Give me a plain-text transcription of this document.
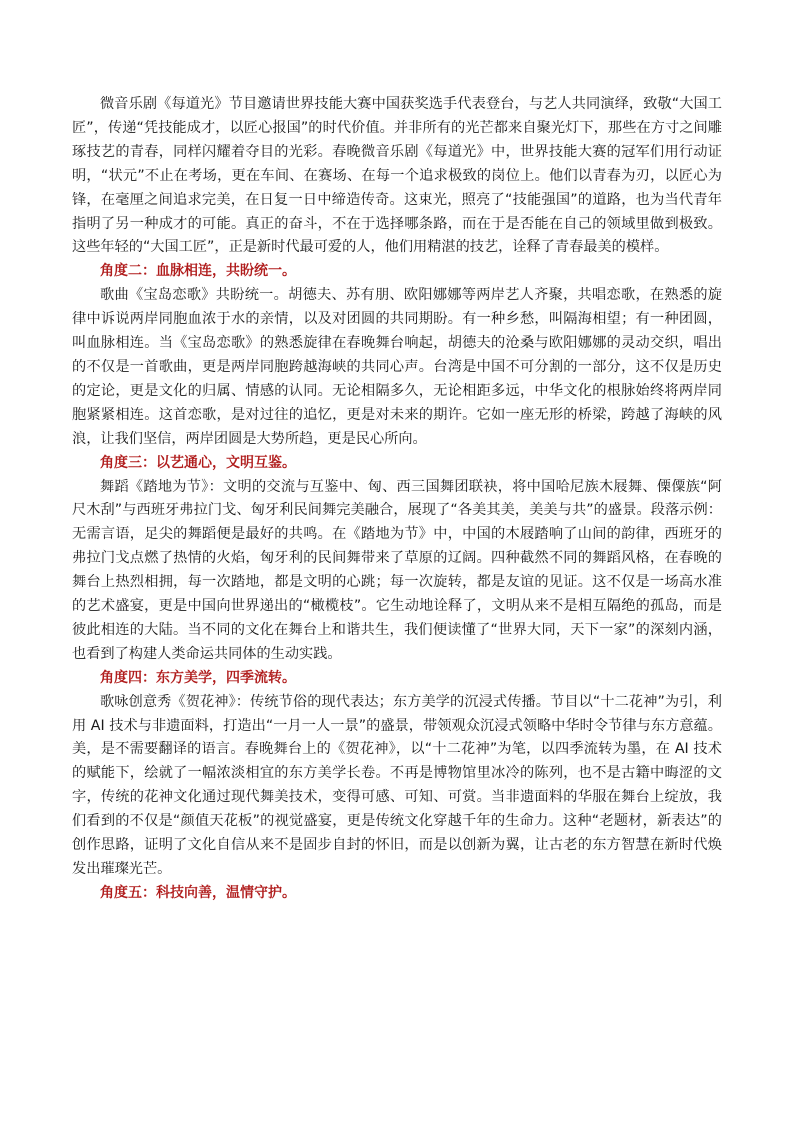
微音乐剧《每道光》节目邀请世界技能大赛中国获奖选手代表登台，与艺人共同演绎，致敬“大国工匠”，传递“凭技能成才，以匠心报国”的时代价值。并非所有的光芒都来自聚光灯下，那些在方寸之间雕琢技艺的青春，同样闪耀着夺目的光彩。春晚微音乐剧《每道光》中，世界技能大赛的冠军们用行动证明，“状元”不止在考场，更在车间、在赛场、在每一个追求极致的岗位上。他们以青春为刃，以匠心为锋，在毫厘之间追求完美，在日复一日中缔造传奇。这束光，照亮了“技能强国”的道路，也为当代青年指明了另一种成才的可能。真正的奋斗，不在于选择哪条路，而在于是否能在自己的领域里做到极致。这些年轻的“大国工匠”，正是新时代最可爱的人，他们用精湛的技艺，诠释了青春最美的模样。

角度二：血脉相连，共盼统一。

歌曲《宝岛恋歌》共盼统一。胡德夫、苏有朋、欧阳娜娜等两岸艺人齐聚，共唱恋歌，在熟悉的旋律中诉说两岸同胞血浓于水的亲情，以及对团圆的共同期盼。有一种乡愁，叫隔海相望；有一种团圆，叫血脉相连。当《宝岛恋歌》的熟悉旋律在春晚舞台响起，胡德夫的沧桑与欧阳娜娜的灵动交织，唱出的不仅是一首歌曲，更是两岸同胞跨越海峡的共同心声。台湾是中国不可分割的一部分，这不仅是历史的定论，更是文化的归属、情感的认同。无论相隔多久，无论相距多远，中华文化的根脉始终将两岸同胞紧紧相连。这首恋歌，是对过往的追忆，更是对未来的期许。它如一座无形的桥梁，跨越了海峡的风浪，让我们坚信，两岸团圆是大势所趋，更是民心所向。

角度三：以艺通心，文明互鉴。

舞蹈《踏地为节》：文明的交流与互鉴中、匈、西三国舞团联袂，将中国哈尼族木屐舞、傈僳族“阿尺木刮”与西班牙弗拉门戈、匈牙利民间舞完美融合，展现了“各美其美，美美与共”的盛景。段落示例：无需言语，足尖的舞蹈便是最好的共鸣。在《踏地为节》中，中国的木屐踏响了山间的韵律，西班牙的弗拉门戈点燃了热情的火焰，匈牙利的民间舞带来了草原的辽阔。四种截然不同的舞蹈风格，在春晚的舞台上热烈相拥，每一次踏地，都是文明的心跳；每一次旋转，都是友谊的见证。这不仅是一场高水准的艺术盛宴，更是中国向世界递出的“橄榄枝”。它生动地诠释了，文明从来不是相互隔绝的孤岛，而是彼此相连的大陆。当不同的文化在舞台上和谐共生，我们便读懂了“世界大同，天下一家”的深刻内涵，也看到了构建人类命运共同体的生动实践。

角度四：东方美学，四季流转。

歌咏创意秀《贺花神》：传统节俗的现代表达；东方美学的沉浸式传播。节目以“十二花神”为引，利用 AI 技术与非遗面料，打造出“一月一人一景”的盛景，带领观众沉浸式领略中华时令节律与东方意蕴。美，是不需要翻译的语言。春晚舞台上的《贺花神》，以“十二花神”为笔，以四季流转为墨，在 AI 技术的赋能下，绘就了一幅浓淡相宜的东方美学长卷。不再是博物馆里冰冷的陈列，也不是古籍中晦涩的文字，传统的花神文化通过现代舞美技术，变得可感、可知、可赏。当非遗面料的华服在舞台上绽放，我们看到的不仅是“颜值天花板”的视觉盛宴，更是传统文化穿越千年的生命力。这种“老题材，新表达”的创作思路，证明了文化自信从来不是固步自封的怀旧，而是以创新为翼，让古老的东方智慧在新时代焕发出璀璨光芒。

角度五：科技向善，温情守护。
